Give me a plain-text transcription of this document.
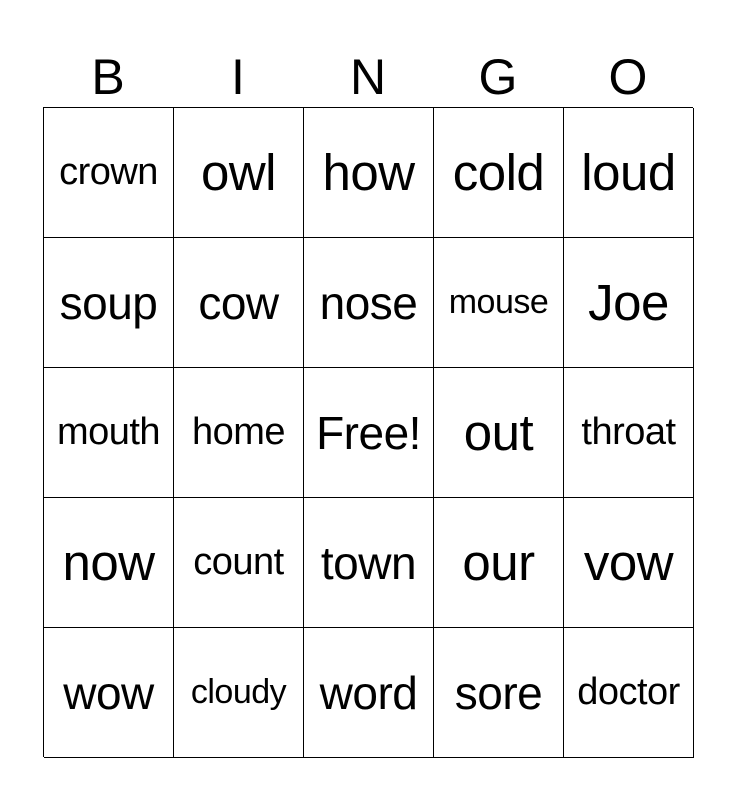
B	I	N	G	O
crown owl how cold loud
soup cow nose mouse Joe
mouth home Free! out	throat
now	count town our vow
wow	cloudy word sore doctor
